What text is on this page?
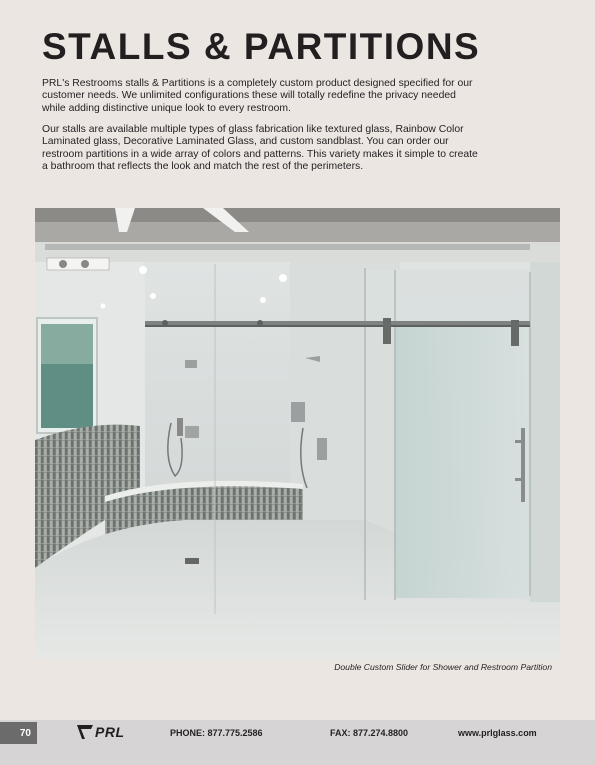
STALLS & PARTITIONS

PRL's Restrooms stalls & Partitions is a completely custom product designed specified for our customer needs. We unlimited configurations these will totally redefine the privacy needed while adding distinctive unique look to every restroom.

Our stalls are available multiple types of glass fabrication like textured glass, Rainbow Color Laminated glass, Decorative Laminated Glass, and custom sandblast. You can order our restroom partitions in a wide array of colors and patterns. This variety makes it simple to create a bathroom that reflects the look and match the rest of the perimeters.

Double Custom Slider for Shower and Restroom Partition
70	PRL	PHONE: 877.775.2586	FAX: 877.274.8800	www.prlglass.com
